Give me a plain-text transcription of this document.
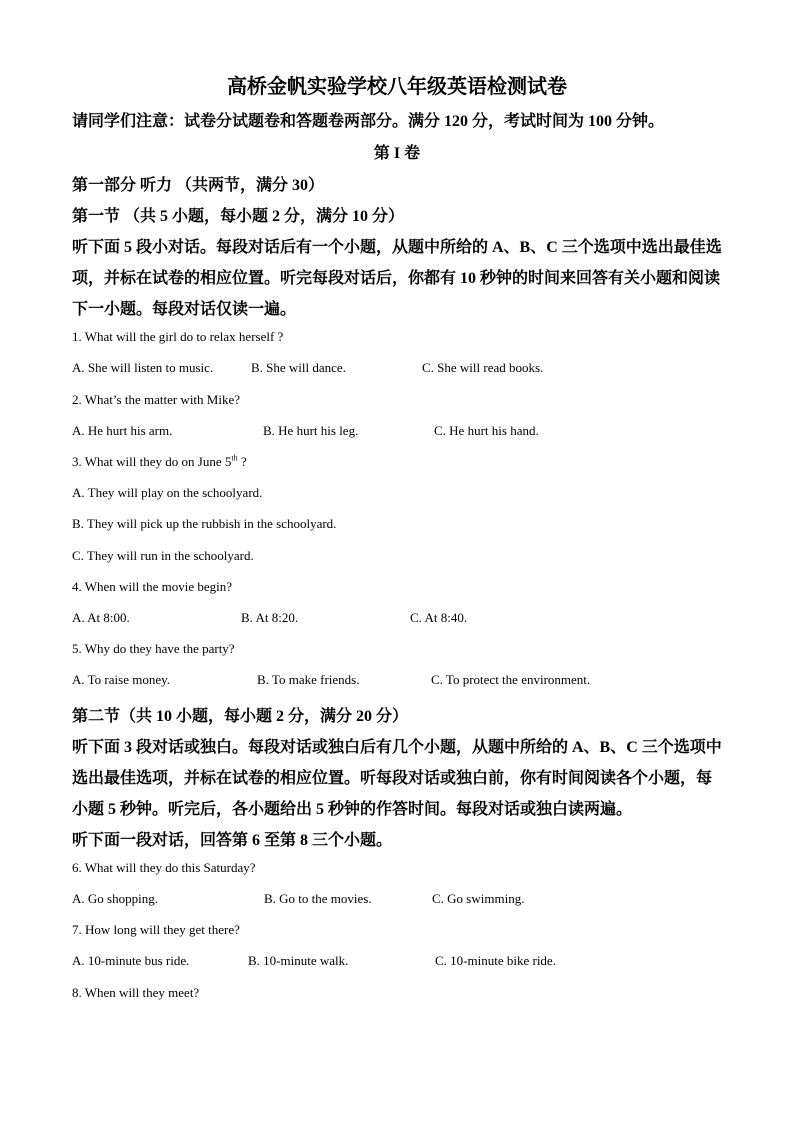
高桥金帆实验学校八年级英语检测试卷
请同学们注意：试卷分试题卷和答题卷两部分。满分 120 分，考试时间为 100 分钟。
第 I 卷
第一部分 听力 （共两节，满分 30）
第一节 （共 5 小题，每小题 2 分，满分 10 分）
听下面 5 段小对话。每段对话后有一个小题，从题中所给的 A、B、C 三个选项中选出最佳选
项，并标在试卷的相应位置。听完每段对话后，你都有 10 秒钟的时间来回答有关小题和阅读
下一小题。每段对话仅读一遍。
1. What will the girl do to relax herself ?
A. She will listen to music.	B. She will dance.	C. She will read books.
2. What’s the matter with Mike?
A. He hurt his arm.	B. He hurt his leg.	C. He hurt his hand.
3. What will they do on June 5th ?
A. They will play on the schoolyard.
B. They will pick up the rubbish in the schoolyard.
C. They will run in the schoolyard.
4. When will the movie begin?
A. At 8:00.	B. At 8:20.	C. At 8:40.
5. Why do they have the party?
A. To raise money.	B. To make friends.	C. To protect the environment.
第二节（共 10 小题，每小题 2 分，满分 20 分）
听下面 3 段对话或独白。每段对话或独白后有几个小题，从题中所给的 A、B、C 三个选项中
选出最佳选项，并标在试卷的相应位置。听每段对话或独白前，你有时间阅读各个小题，每
小题 5 秒钟。听完后，各小题给出 5 秒钟的作答时间。每段对话或独白读两遍。
听下面一段对话，回答第 6 至第 8 三个小题。
6. What will they do this Saturday?
A. Go shopping.	B. Go to the movies.	C. Go swimming.
7. How long will they get there?
A. 10-minute bus ride.	B. 10-minute walk.	C. 10-minute bike ride.
8. When will they meet?
